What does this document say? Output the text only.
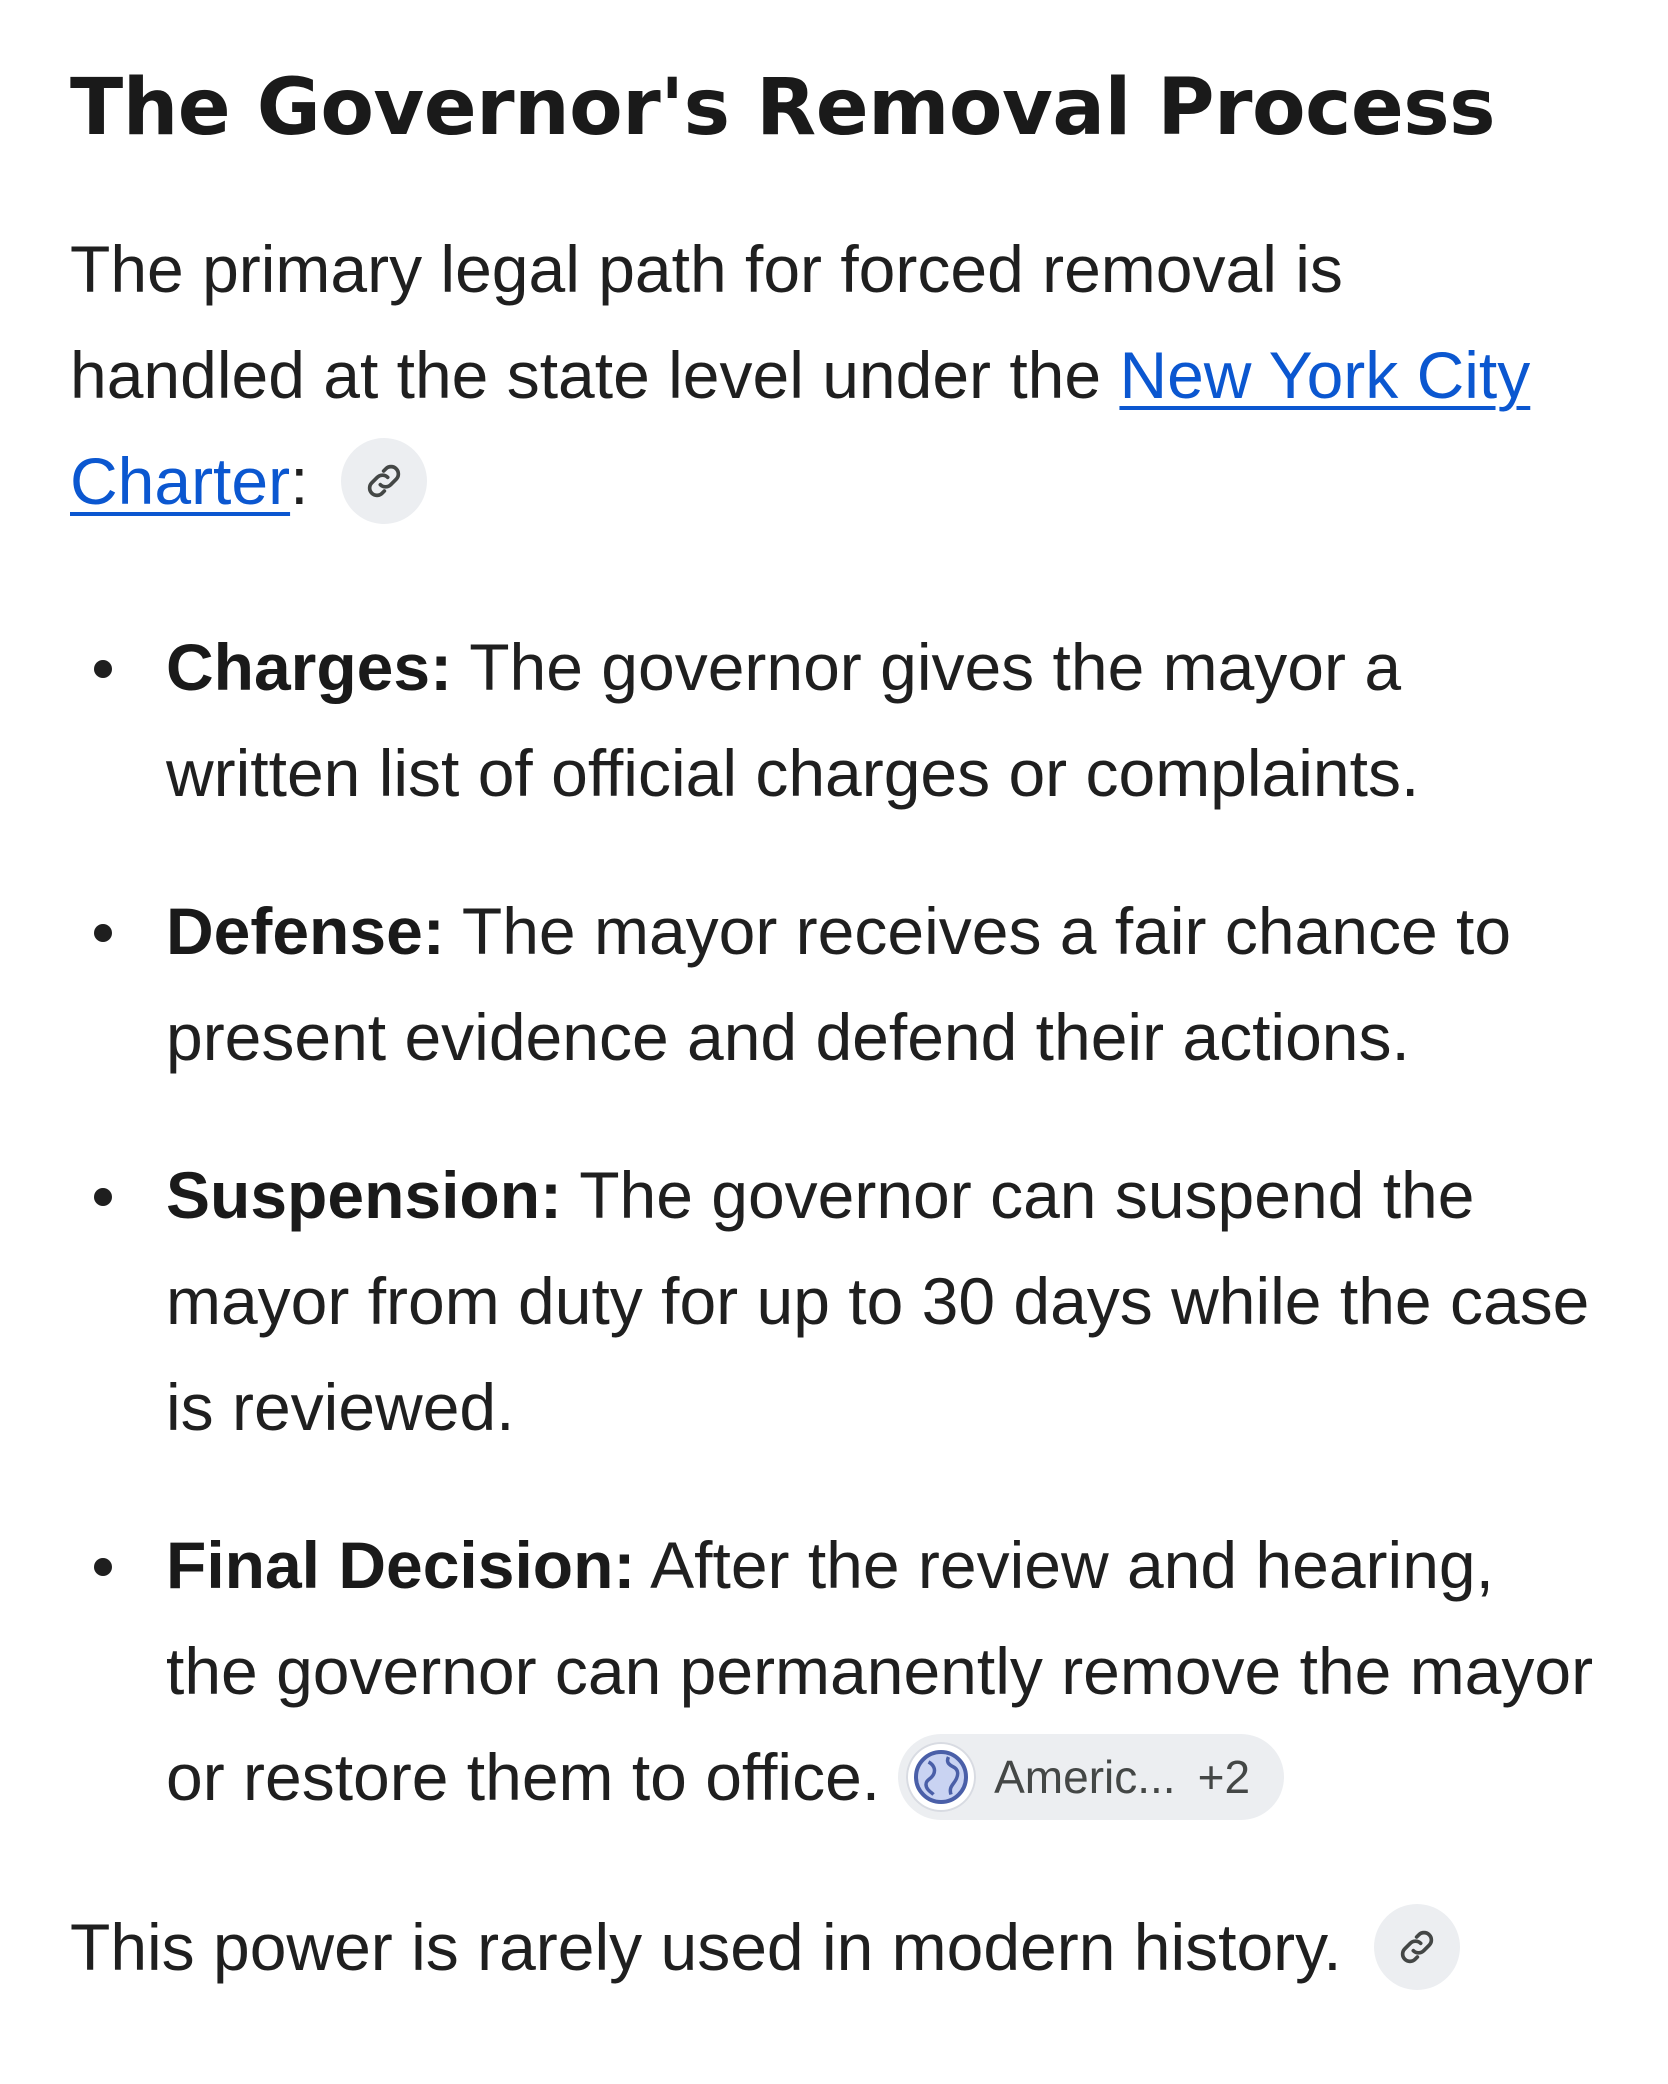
The Governor's Removal Process

The primary legal path for forced removal is handled at the state level under the New York City Charter:

Charges: The governor gives the mayor a written list of official charges or complaints.
Defense: The mayor receives a fair chance to present evidence and defend their actions.
Suspension: The governor can suspend the mayor from duty for up to 30 days while the case is reviewed.
Final Decision: After the review and hearing, the governor can permanently remove the mayor or restore them to office. Americ... +2

This power is rarely used in modern history.
